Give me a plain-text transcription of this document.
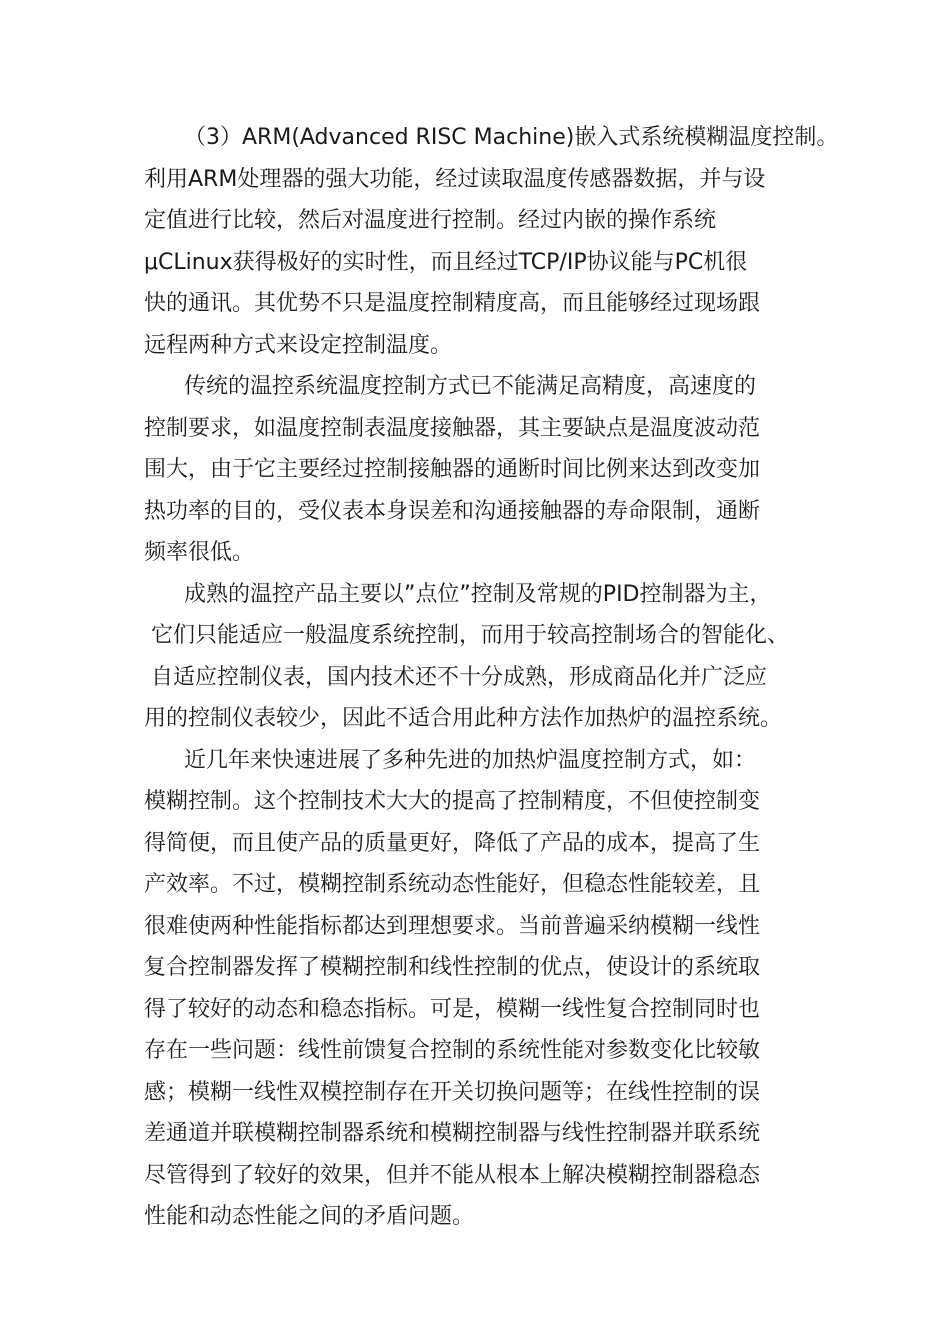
（3）ARM(Advanced RISC Machine)嵌入式系统模糊温度控制。
利用ARM处理器的强大功能，经过读取温度传感器数据，并与设
定值进行比较，然后对温度进行控制。经过内嵌的操作系统
μCLinux获得极好的实时性，而且经过TCP/IP协议能与PC机很
快的通讯。其优势不只是温度控制精度高，而且能够经过现场跟
远程两种方式来设定控制温度。
传统的温控系统温度控制方式已不能满足高精度，高速度的
控制要求，如温度控制表温度接触器，其主要缺点是温度波动范
围大，由于它主要经过控制接触器的通断时间比例来达到改变加
热功率的目的，受仪表本身误差和沟通接触器的寿命限制，通断
频率很低。
成熟的温控产品主要以”点位”控制及常规的PID控制器为主，
它们只能适应一般温度系统控制，而用于较高控制场合的智能化、
自适应控制仪表，国内技术还不十分成熟，形成商品化并广泛应
用的控制仪表较少，因此不适合用此种方法作加热炉的温控系统。
近几年来快速进展了多种先进的加热炉温度控制方式，如：
模糊控制。这个控制技术大大的提高了控制精度，不但使控制变
得简便，而且使产品的质量更好，降低了产品的成本，提高了生
产效率。不过，模糊控制系统动态性能好，但稳态性能较差，且
很难使两种性能指标都达到理想要求。当前普遍采纳模糊一线性
复合控制器发挥了模糊控制和线性控制的优点，使设计的系统取
得了较好的动态和稳态指标。可是，模糊一线性复合控制同时也
存在一些问题：线性前馈复合控制的系统性能对参数变化比较敏
感；模糊一线性双模控制存在开关切换问题等；在线性控制的误
差通道并联模糊控制器系统和模糊控制器与线性控制器并联系统
尽管得到了较好的效果，但并不能从根本上解决模糊控制器稳态
性能和动态性能之间的矛盾问题。
